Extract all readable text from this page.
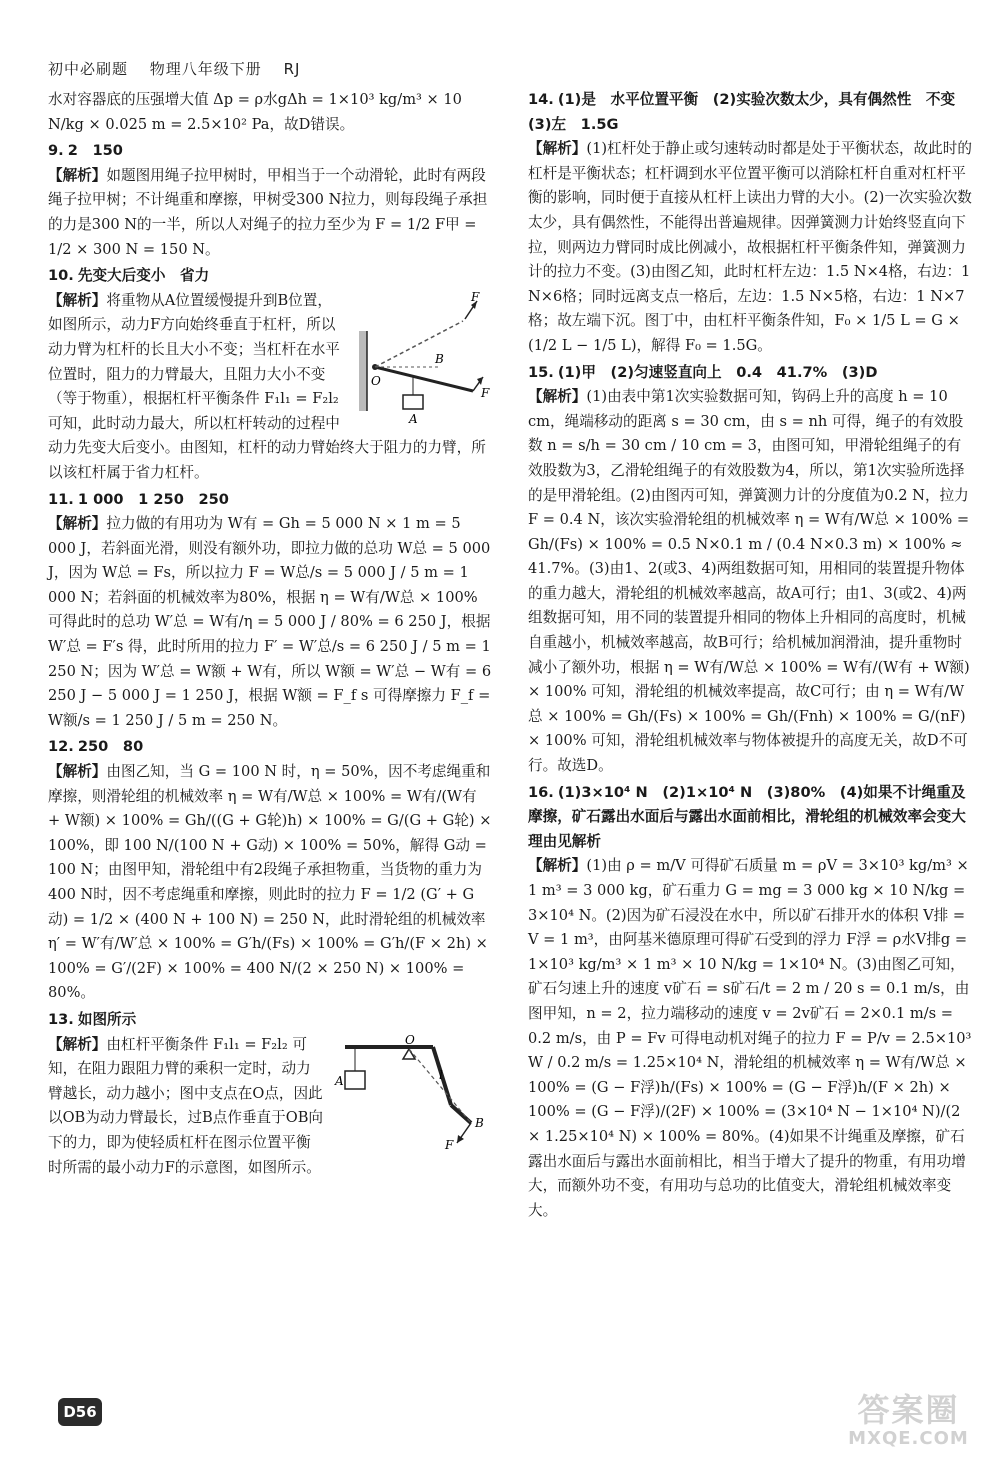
初中必刷题 物理八年级下册 RJ
水对容器底的压强增大值 Δp = ρ水gΔh = 1×10³ kg/m³ × 10 N/kg × 0.025 m = 2.5×10² Pa，故D错误。
9. 2　150
【解析】如题图用绳子拉甲树时，甲相当于一个动滑轮，此时有两段绳子拉甲树；不计绳重和摩擦，甲树受300 N拉力，则每段绳子承担的力是300 N的一半，所以人对绳子的拉力至少为 F = 1/2 F甲 = 1/2 × 300 N = 150 N。
10. 先变大后变小　省力

F
B
O
A
F
【解析】将重物从A位置缓慢提升到B位置，如图所示，动力F方向始终垂直于杠杆，所以动力臂为杠杆的长且大小不变；当杠杆在水平位置时，阻力的力臂最大，且阻力大小不变（等于物重），根据杠杆平衡条件 F₁l₁ = F₂l₂ 可知，此时动力最大，所以杠杆转动的过程中动力先变大后变小。由图知，杠杆的动力臂始终大于阻力的力臂，所以该杠杆属于省力杠杆。
11. 1 000　1 250　250
【解析】拉力做的有用功为 W有 = Gh = 5 000 N × 1 m = 5 000 J，若斜面光滑，则没有额外功，即拉力做的总功 W总 = 5 000 J，因为 W总 = Fs，所以拉力 F = W总/s = 5 000 J / 5 m = 1 000 N；若斜面的机械效率为80%，根据 η = W有/W总 × 100% 可得此时的总功 W′总 = W有/η = 5 000 J / 80% = 6 250 J，根据 W′总 = F′s 得，此时所用的拉力 F′ = W′总/s = 6 250 J / 5 m = 1 250 N；因为 W′总 = W额 + W有，所以 W额 = W′总 − W有 = 6 250 J − 5 000 J = 1 250 J，根据 W额 = F_f s 可得摩擦力 F_f = W额/s = 1 250 J / 5 m = 250 N。
12. 250　80
【解析】由图乙知，当 G = 100 N 时，η = 50%，因不考虑绳重和摩擦，则滑轮组的机械效率 η = W有/W总 × 100% = W有/(W有 + W额) × 100% = Gh/((G + G轮)h) × 100% = G/(G + G轮) × 100%，即 100 N/(100 N + G动) × 100% = 50%，解得 G动 = 100 N；由图甲知，滑轮组中有2段绳子承担物重，当货物的重力为400 N时，因不考虑绳重和摩擦，则此时的拉力 F = 1/2 (G′ + G动) = 1/2 × (400 N + 100 N) = 250 N，此时滑轮组的机械效率 η′ = W′有/W′总 × 100% = G′h/(Fs) × 100% = G′h/(F × 2h) × 100% = G′/(2F) × 100% = 400 N/(2 × 250 N) × 100% = 80%。
13. 如图所示

O
A
B
F
l
【解析】由杠杆平衡条件 F₁l₁ = F₂l₂ 可知，在阻力跟阻力臂的乘积一定时，动力臂越长，动力越小；图中支点在O点，因此以OB为动力臂最长，过B点作垂直于OB向下的力，即为使轻质杠杆在图示位置平衡时所需的最小动力F的示意图，如图所示。
14. (1)是　水平位置平衡　(2)实验次数太少，具有偶然性　不变　(3)左　1.5G
【解析】(1)杠杆处于静止或匀速转动时都是处于平衡状态，故此时的杠杆是平衡状态；杠杆调到水平位置平衡可以消除杠杆自重对杠杆平衡的影响，同时便于直接从杠杆上读出力臂的大小。(2)一次实验次数太少，具有偶然性，不能得出普遍规律。因弹簧测力计始终竖直向下拉，则两边力臂同时成比例减小，故根据杠杆平衡条件知，弹簧测力计的拉力不变。(3)由图乙知，此时杠杆左边：1.5 N×4格，右边：1 N×6格；同时远离支点一格后，左边：1.5 N×5格，右边：1 N×7格；故左端下沉。图丁中，由杠杆平衡条件知，F₀ × 1/5 L = G × (1/2 L − 1/5 L)，解得 F₀ = 1.5G。
15. (1)甲　(2)匀速竖直向上　0.4　41.7%　(3)D
【解析】(1)由表中第1次实验数据可知，钩码上升的高度 h = 10 cm，绳端移动的距离 s = 30 cm，由 s = nh 可得，绳子的有效股数 n = s/h = 30 cm / 10 cm = 3，由图可知，甲滑轮组绳子的有效股数为3，乙滑轮组绳子的有效股数为4，所以，第1次实验所选择的是甲滑轮组。(2)由图丙可知，弹簧测力计的分度值为0.2 N，拉力 F = 0.4 N，该次实验滑轮组的机械效率 η = W有/W总 × 100% = Gh/(Fs) × 100% = 0.5 N×0.1 m / (0.4 N×0.3 m) × 100% ≈ 41.7%。(3)由1、2(或3、4)两组数据可知，用相同的装置提升物体的重力越大，滑轮组的机械效率越高，故A可行；由1、3(或2、4)两组数据可知，用不同的装置提升相同的物体上升相同的高度时，机械自重越小，机械效率越高，故B可行；给机械加润滑油，提升重物时减小了额外功，根据 η = W有/W总 × 100% = W有/(W有 + W额) × 100% 可知，滑轮组的机械效率提高，故C可行；由 η = W有/W总 × 100% = Gh/(Fs) × 100% = Gh/(Fnh) × 100% = G/(nF) × 100% 可知，滑轮组机械效率与物体被提升的高度无关，故D不可行。故选D。
16. (1)3×10⁴ N　(2)1×10⁴ N　(3)80%　(4)如果不计绳重及摩擦，矿石露出水面后与露出水面前相比，滑轮组的机械效率会变大　理由见解析
【解析】(1)由 ρ = m/V 可得矿石质量 m = ρV = 3×10³ kg/m³ × 1 m³ = 3 000 kg，矿石重力 G = mg = 3 000 kg × 10 N/kg = 3×10⁴ N。(2)因为矿石浸没在水中，所以矿石排开水的体积 V排 = V = 1 m³，由阿基米德原理可得矿石受到的浮力 F浮 = ρ水V排g = 1×10³ kg/m³ × 1 m³ × 10 N/kg = 1×10⁴ N。(3)由图乙可知，矿石匀速上升的速度 v矿石 = s矿石/t = 2 m / 20 s = 0.1 m/s，由图甲知，n = 2，拉力端移动的速度 v = 2v矿石 = 2×0.1 m/s = 0.2 m/s，由 P = Fv 可得电动机对绳子的拉力 F = P/v = 2.5×10³ W / 0.2 m/s = 1.25×10⁴ N，滑轮组的机械效率 η = W有/W总 × 100% = (G − F浮)h/(Fs) × 100% = (G − F浮)h/(F × 2h) × 100% = (G − F浮)/(2F) × 100% = (3×10⁴ N − 1×10⁴ N)/(2 × 1.25×10⁴ N) × 100% = 80%。(4)如果不计绳重及摩擦，矿石露出水面后与露出水面前相比，相当于增大了提升的物重，有用功增大，而额外功不变，有用功与总功的比值变大，滑轮组机械效率变大。
D56	答案圈
MXQE.COM
